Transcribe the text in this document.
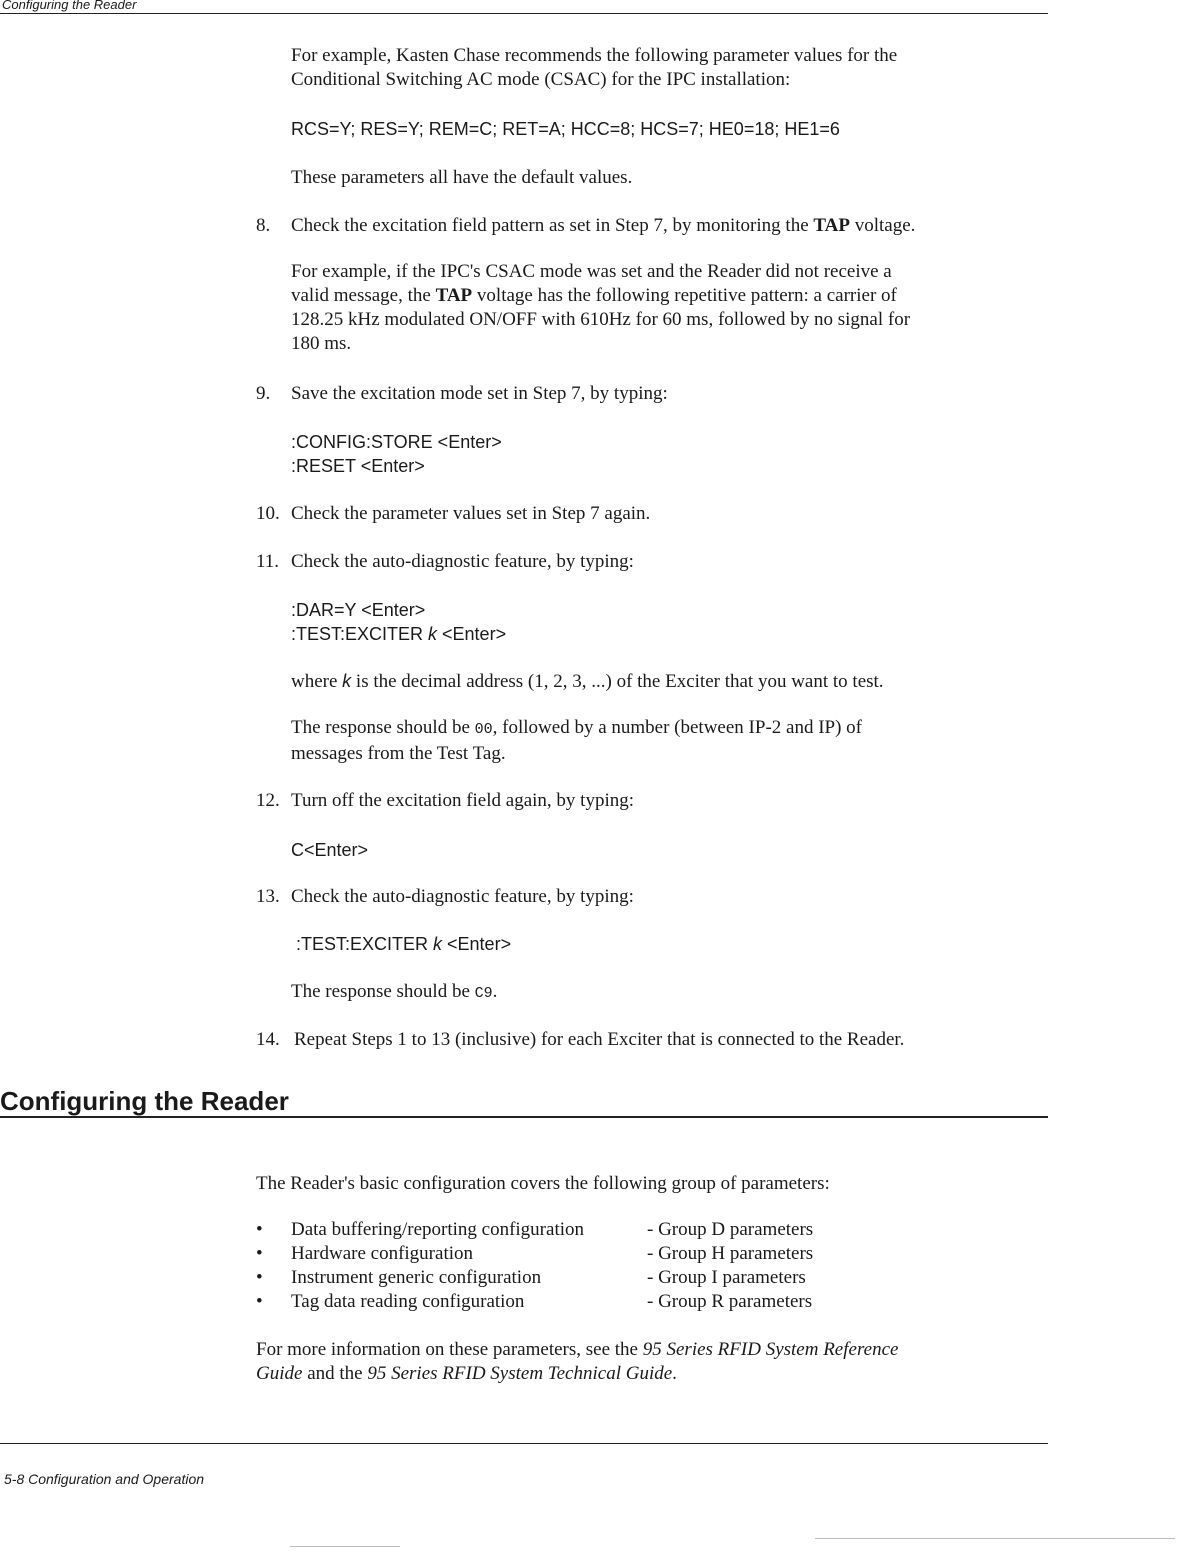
Configuring the Reader
For example, Kasten Chase recommends the following parameter values for the
Conditional Switching AC mode (CSAC) for the IPC installation:
RCS=Y; RES=Y; REM=C; RET=A; HCC=8; HCS=7; HE0=18; HE1=6
These parameters all have the default values.
8. Check the excitation field pattern as set in Step 7, by monitoring the TAP voltage.
For example, if the IPC's CSAC mode was set and the Reader did not receive a
valid message, the TAP voltage has the following repetitive pattern: a carrier of
128.25 kHz modulated ON/OFF with 610Hz for 60 ms, followed by no signal for
180 ms.
9. Save the excitation mode set in Step 7, by typing:
:CONFIG:STORE <Enter>
:RESET <Enter>
10. Check the parameter values set in Step 7 again.
11. Check the auto-diagnostic feature, by typing:
:DAR=Y <Enter>
:TEST:EXCITER k <Enter>
where k is the decimal address (1, 2, 3, ...) of the Exciter that you want to test.
The response should be 00, followed by a number (between IP-2 and IP) of
messages from the Test Tag.
12. Turn off the excitation field again, by typing:
C<Enter>
13. Check the auto-diagnostic feature, by typing:
:TEST:EXCITER k <Enter>
The response should be C9.
14. Repeat Steps 1 to 13 (inclusive) for each Exciter that is connected to the Reader.
Configuring the Reader
The Reader's basic configuration covers the following group of parameters:
• Data buffering/reporting configuration	- Group D parameters
• Hardware configuration	- Group H parameters
• Instrument generic configuration	- Group I parameters
• Tag data reading configuration	- Group R parameters
For more information on these parameters, see the 95 Series RFID System Reference
Guide and the 95 Series RFID System Technical Guide.
5-8 Configuration and Operation
